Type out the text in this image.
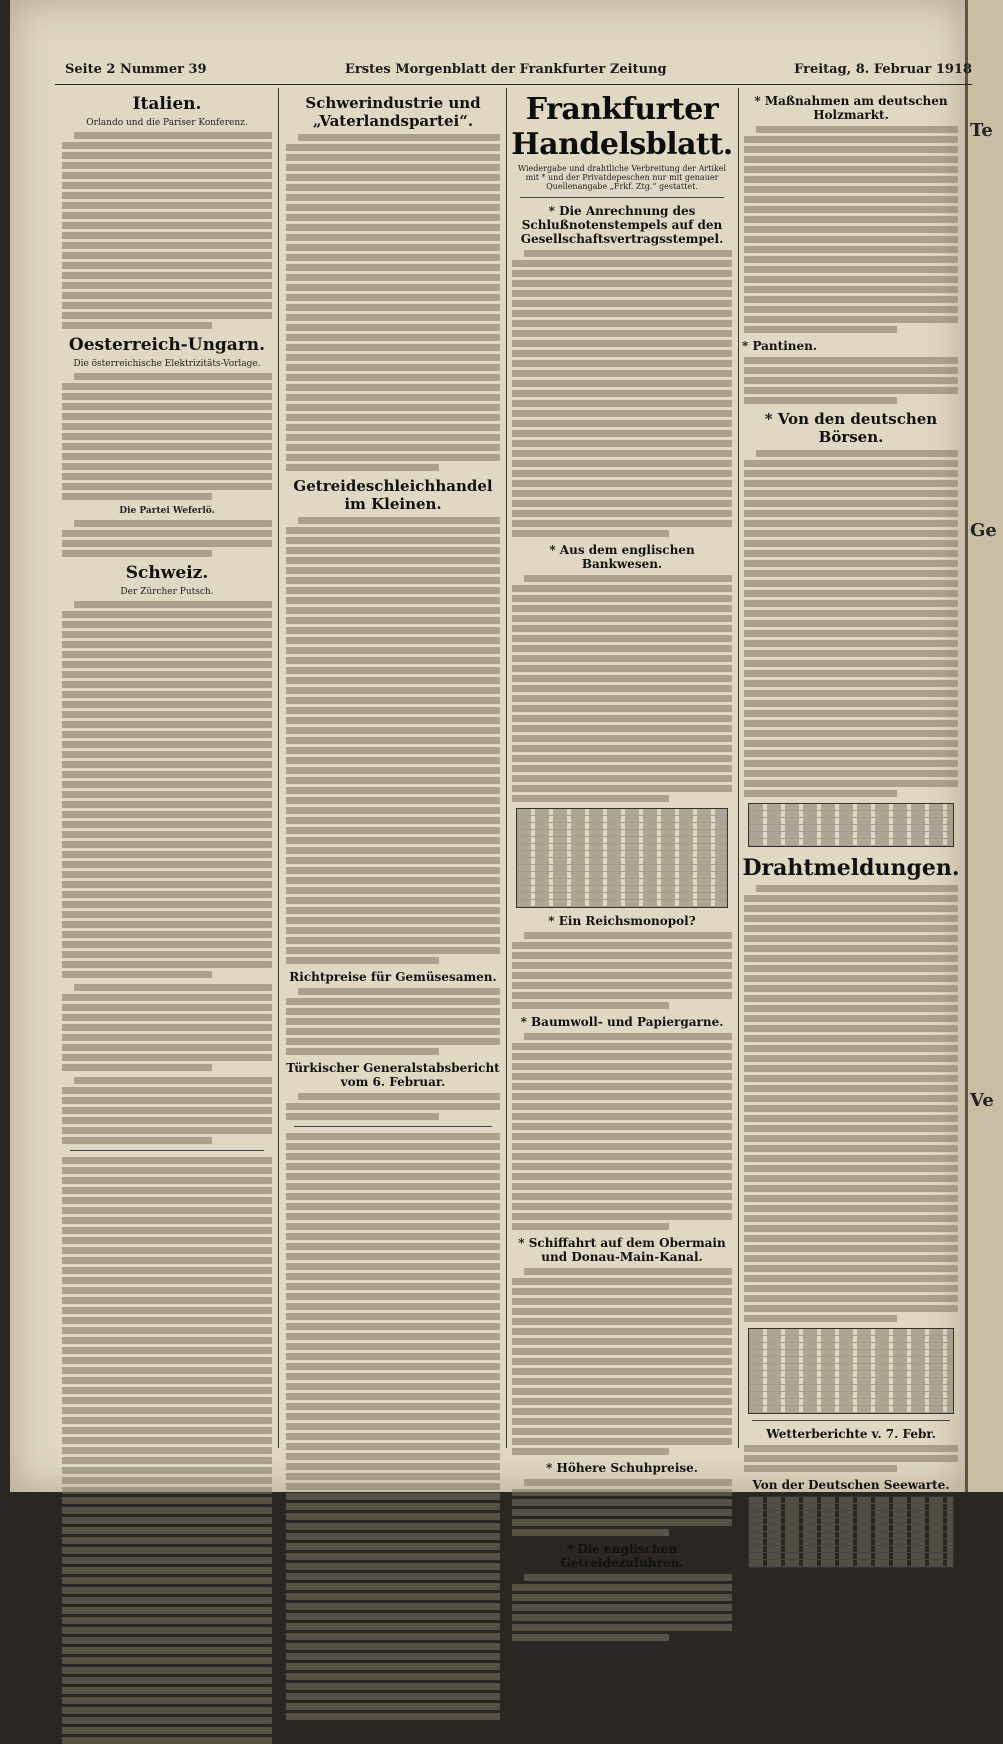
Te
Ge
Ve
Seite 2 Nummer 39	Erstes Morgenblatt der Frankfurter Zeitung	Freitag, 8. Februar 1918
Italien.
Orlando und die Pariser Konferenz.
Oesterreich-Ungarn.
Die österreichische Elektrizitäts-Vorlage.
Die Partei Weferlö.
Schweiz.
Der Zürcher Putsch.
Schwerindustrie und „Vaterlandspartei“.
Getreideschleichhandel im Kleinen.
Richtpreise für Gemüsesamen.
Türkischer Generalstabsbericht vom 6. Februar.
Frankfurter Handelsblatt.
Wiedergabe und drahtliche Verbreitung der Artikel mit * und der Privatdepeschen nur mit genauer Quellenangabe „Frkf. Ztg.“ gestattet.
* Die Anrechnung des Schlußnotenstempels auf den Gesellschaftsvertragsstempel.
* Aus dem englischen Bankwesen.
* Ein Reichsmonopol?
* Baumwoll- und Papiergarne.
* Schiffahrt auf dem Obermain und Donau-Main-Kanal.
* Höhere Schuhpreise.
* Die englischen Getreidezufuhren.
* Maßnahmen am deutschen Holzmarkt.
* Pantinen.
* Von den deutschen Börsen.
Drahtmeldungen.
Wetterberichte v. 7. Febr.
Von der Deutschen Seewarte.
